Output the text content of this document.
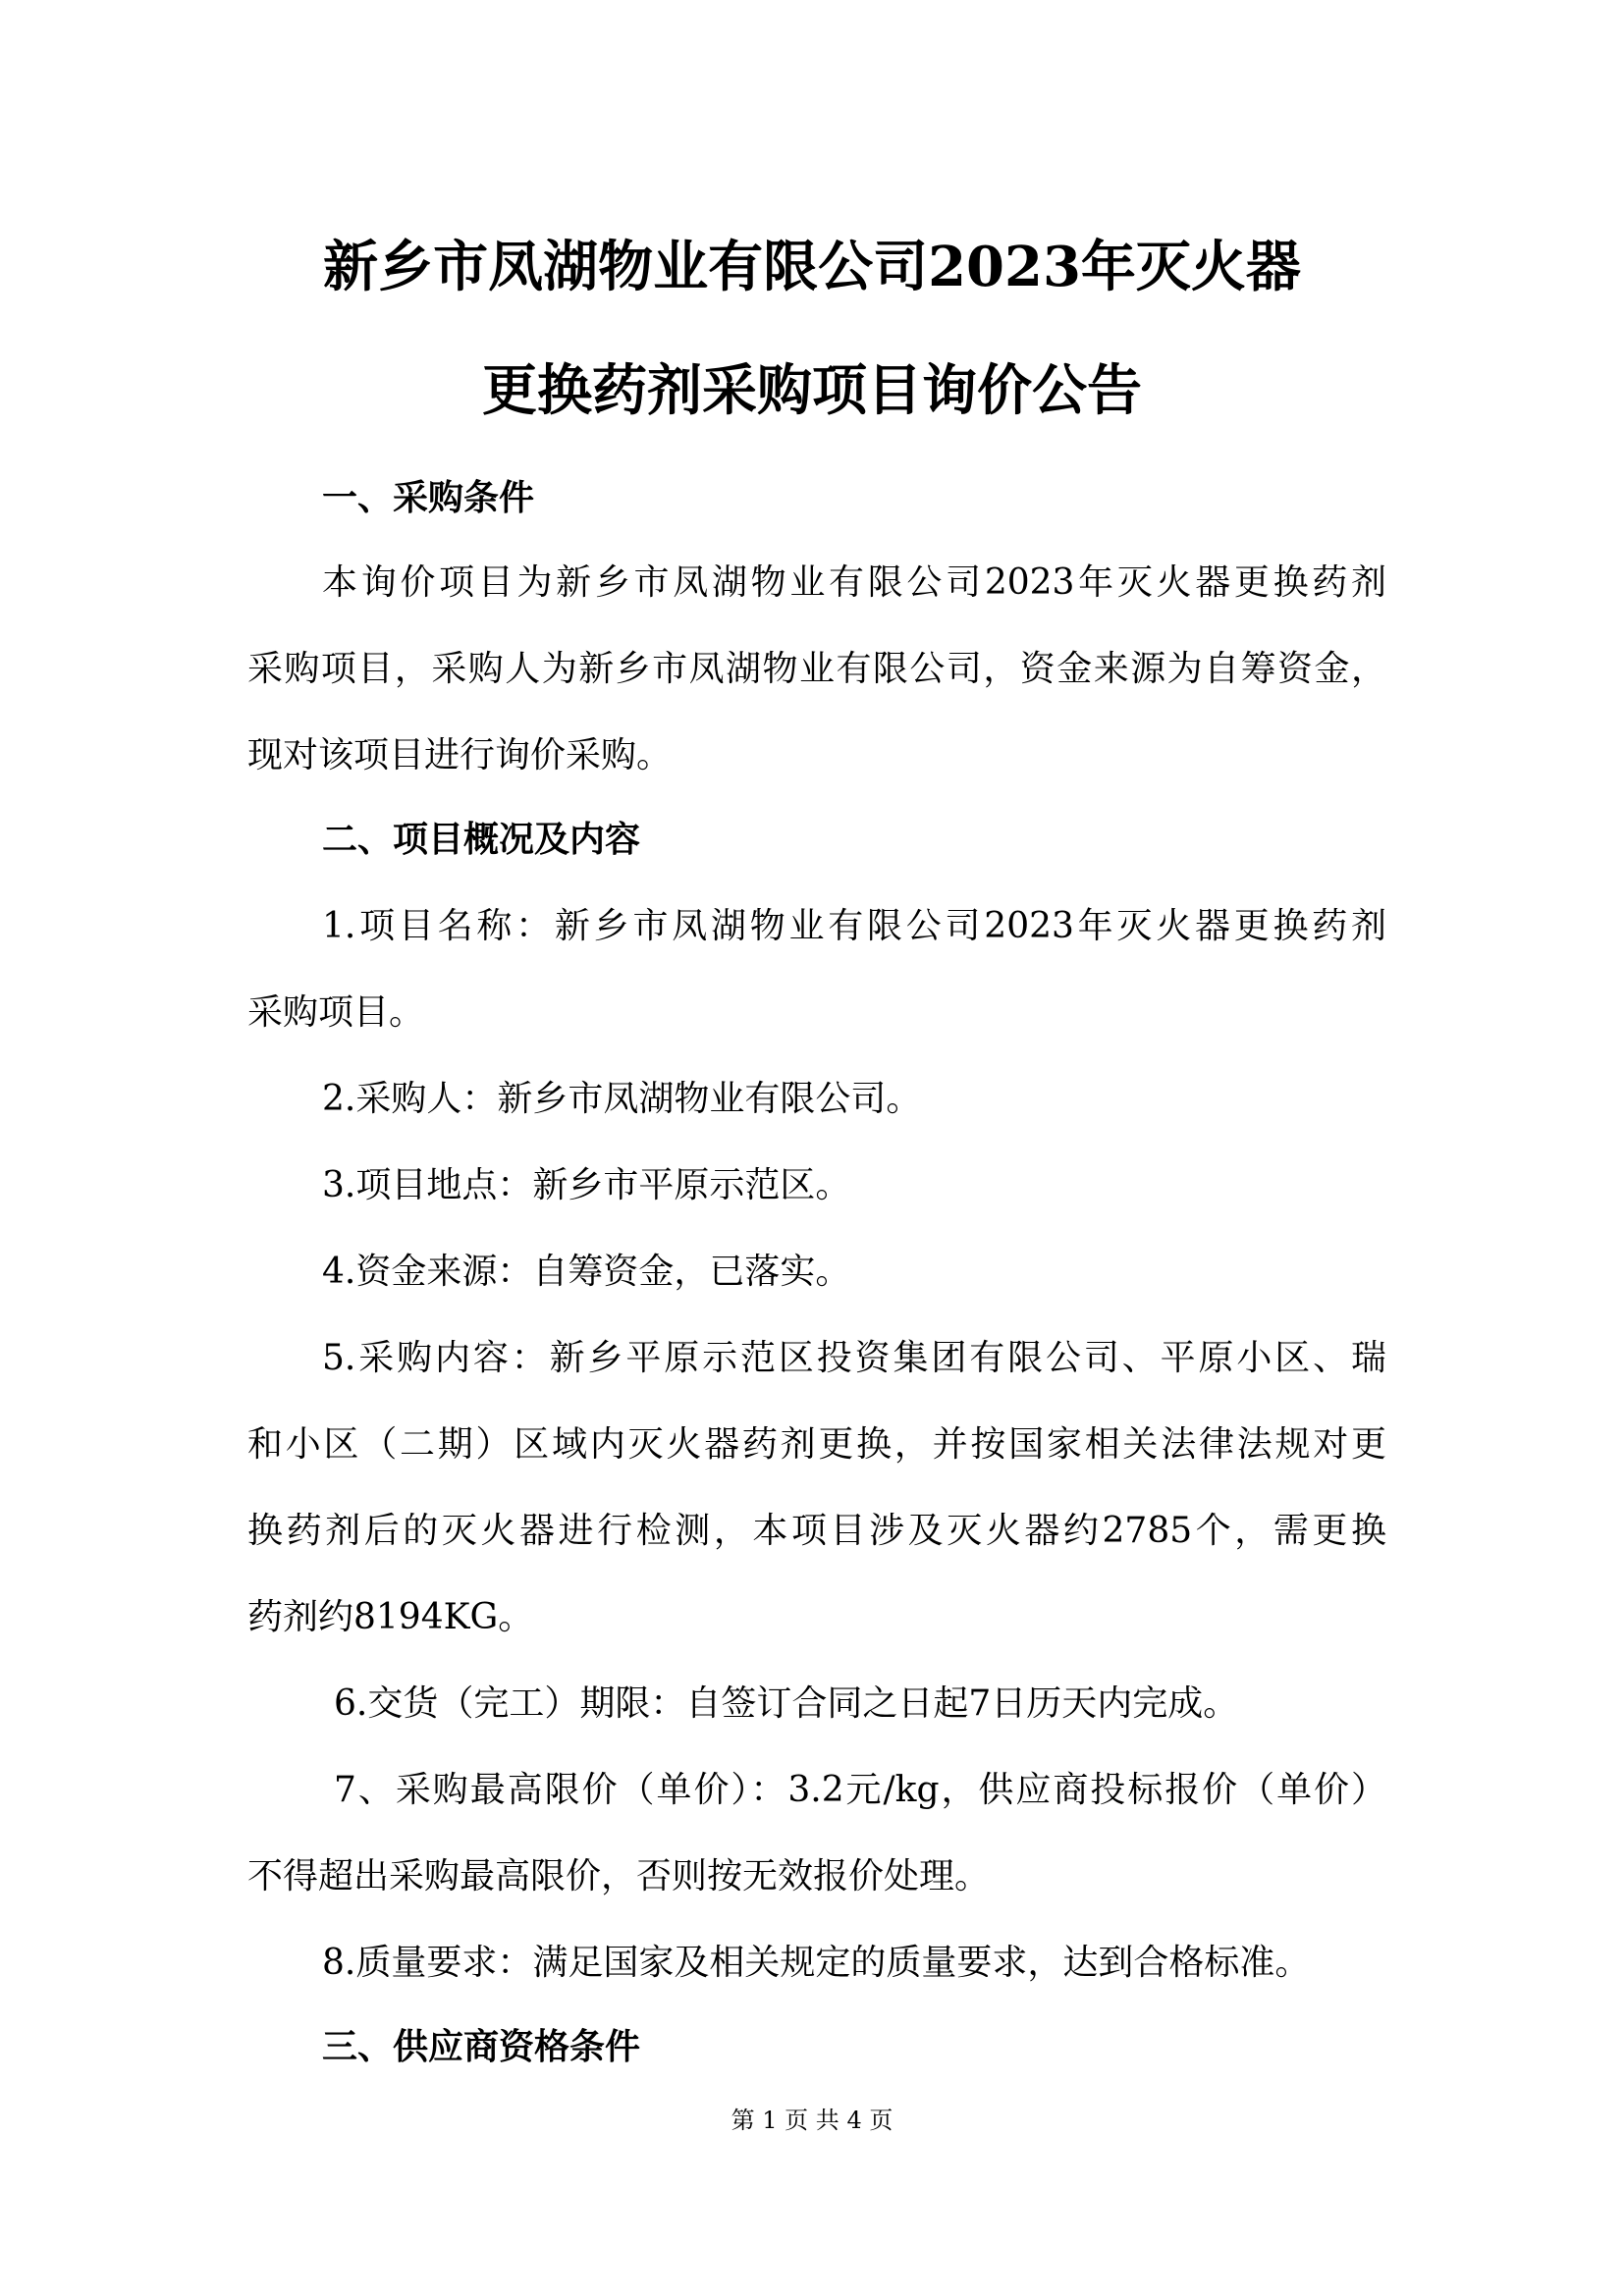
新乡市凤湖物业有限公司2023年灭火器
更换药剂采购项目询价公告
一、采购条件
本询价项目为新乡市凤湖物业有限公司2023年灭火器更换药剂
采购项目，采购人为新乡市凤湖物业有限公司，资金来源为自筹资金，
现对该项目进行询价采购。
二、项目概况及内容
1.项目名称：新乡市凤湖物业有限公司2023年灭火器更换药剂
采购项目。
2.采购人：新乡市凤湖物业有限公司。
3.项目地点：新乡市平原示范区。
4.资金来源：自筹资金，已落实。
5.采购内容：新乡平原示范区投资集团有限公司、平原小区、瑞
和小区（二期）区域内灭火器药剂更换，并按国家相关法律法规对更
换药剂后的灭火器进行检测，本项目涉及灭火器约2785个，需更换
药剂约8194KG。
6.交货（完工）期限：自签订合同之日起7日历天内完成。
7、采购最高限价（单价）：3.2元/kg，供应商投标报价（单价）
不得超出采购最高限价，否则按无效报价处理。
8.质量要求：满足国家及相关规定的质量要求，达到合格标准。
三、供应商资格条件
第 1 页 共 4 页
